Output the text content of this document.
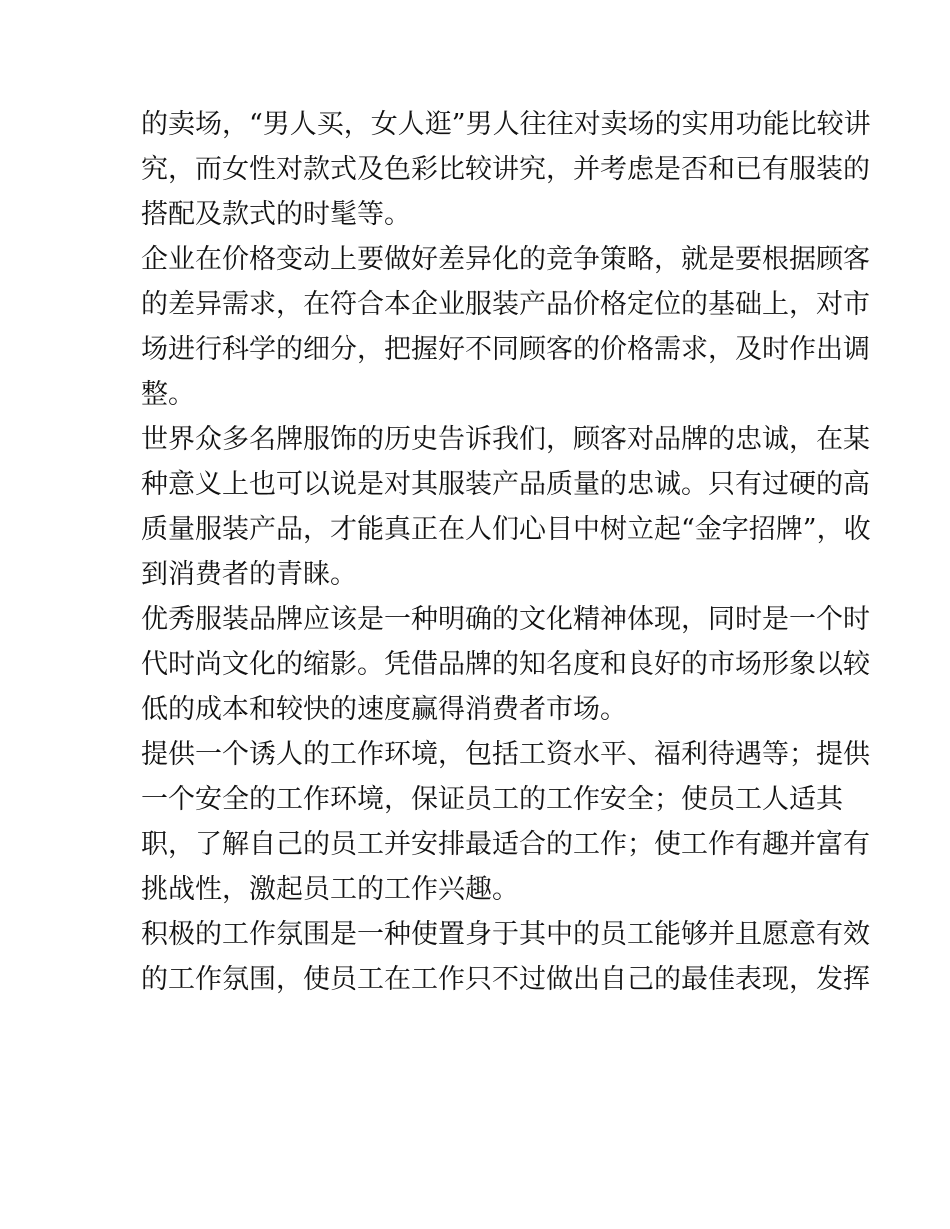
的卖场，“男人买，女人逛”男人往往对卖场的实用功能比较讲
究，而女性对款式及色彩比较讲究，并考虑是否和已有服装的
搭配及款式的时髦等。
企业在价格变动上要做好差异化的竞争策略，就是要根据顾客
的差异需求，在符合本企业服装产品价格定位的基础上，对市
场进行科学的细分，把握好不同顾客的价格需求，及时作出调
整。
世界众多名牌服饰的历史告诉我们，顾客对品牌的忠诚，在某
种意义上也可以说是对其服装产品质量的忠诚。只有过硬的高
质量服装产品，才能真正在人们心目中树立起“金字招牌”，收
到消费者的青睐。
优秀服装品牌应该是一种明确的文化精神体现，同时是一个时
代时尚文化的缩影。凭借品牌的知名度和良好的市场形象以较
低的成本和较快的速度赢得消费者市场。
提供一个诱人的工作环境，包括工资水平、福利待遇等；提供
一个安全的工作环境，保证员工的工作安全；使员工人适其
职，了解自己的员工并安排最适合的工作；使工作有趣并富有
挑战性，激起员工的工作兴趣。
积极的工作氛围是一种使置身于其中的员工能够并且愿意有效
的工作氛围，使员工在工作只不过做出自己的最佳表现，发挥
